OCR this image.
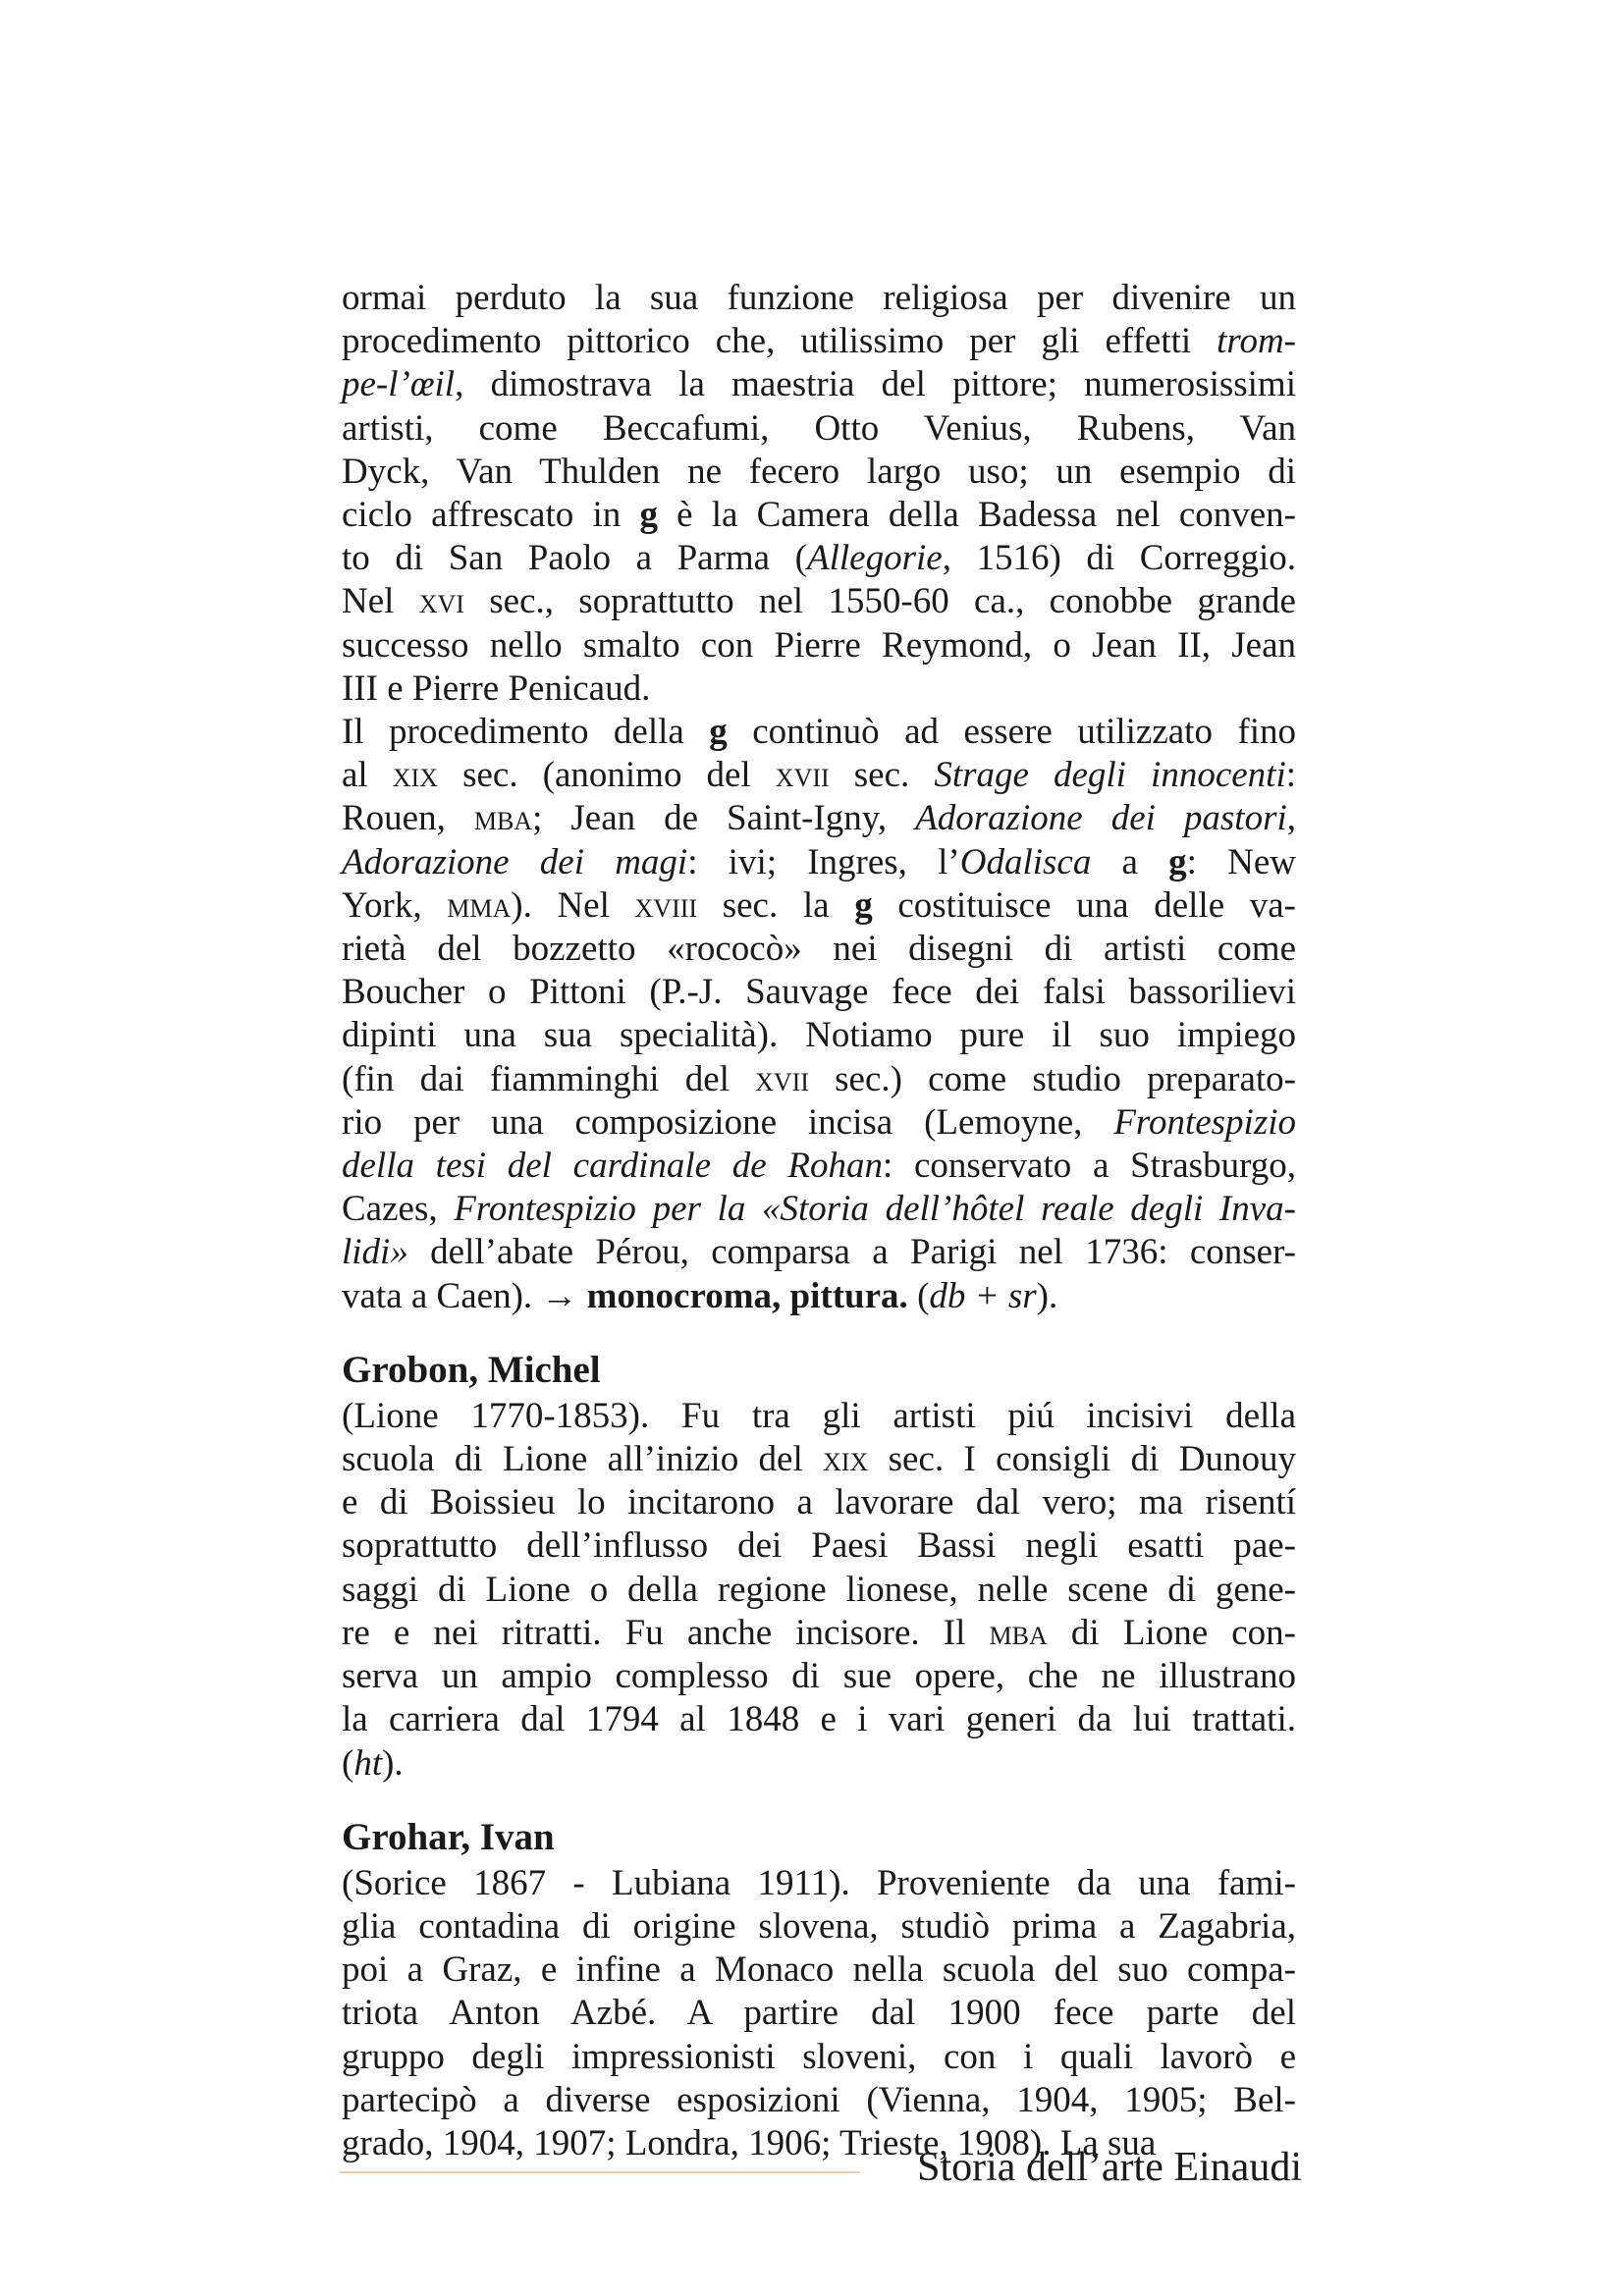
ormai perduto la sua funzione religiosa per divenire un
procedimento pittorico che, utilissimo per gli effetti trom-
pe-l’œil, dimostrava la maestria del pittore; numerosissimi
artisti, come Beccafumi, Otto Venius, Rubens, Van
Dyck, Van Thulden ne fecero largo uso; un esempio di
ciclo affrescato in g è la Camera della Badessa nel conven-
to di San Paolo a Parma (Allegorie, 1516) di Correggio.
Nel xvi sec., soprattutto nel 1550-60 ca., conobbe grande
successo nello smalto con Pierre Reymond, o Jean II, Jean
III e Pierre Penicaud.
Il procedimento della g continuò ad essere utilizzato fino
al xix sec. (anonimo del xvii sec. Strage degli innocenti:
Rouen, mba; Jean de Saint-Igny, Adorazione dei pastori,
Adorazione dei magi: ivi; Ingres, l’Odalisca a g: New
York, mma). Nel xviii sec. la g costituisce una delle va-
rietà del bozzetto «rococò» nei disegni di artisti come
Boucher o Pittoni (P.-J. Sauvage fece dei falsi bassorilievi
dipinti una sua specialità). Notiamo pure il suo impiego
(fin dai fiamminghi del xvii sec.) come studio preparato-
rio per una composizione incisa (Lemoyne, Frontespizio
della tesi del cardinale de Rohan: conservato a Strasburgo,
Cazes, Frontespizio per la «Storia dell’hôtel reale degli Inva-
lidi» dell’abate Pérou, comparsa a Parigi nel 1736: conser-
vata a Caen). → monocroma, pittura. (db + sr).
Grobon, Michel
(Lione 1770-1853). Fu tra gli artisti piú incisivi della
scuola di Lione all’inizio del xix sec. I consigli di Dunouy
e di Boissieu lo incitarono a lavorare dal vero; ma risentí
soprattutto dell’influsso dei Paesi Bassi negli esatti pae-
saggi di Lione o della regione lionese, nelle scene di gene-
re e nei ritratti. Fu anche incisore. Il mba di Lione con-
serva un ampio complesso di sue opere, che ne illustrano
la carriera dal 1794 al 1848 e i vari generi da lui trattati.
(ht).
Grohar, Ivan
(Sorice 1867 - Lubiana 1911). Proveniente da una fami-
glia contadina di origine slovena, studiò prima a Zagabria,
poi a Graz, e infine a Monaco nella scuola del suo compa-
triota Anton Azbé. A partire dal 1900 fece parte del
gruppo degli impressionisti sloveni, con i quali lavorò e
partecipò a diverse esposizioni (Vienna, 1904, 1905; Bel-
grado, 1904, 1907; Londra, 1906; Trieste, 1908). La sua
Storia dell’arte Einaudi
